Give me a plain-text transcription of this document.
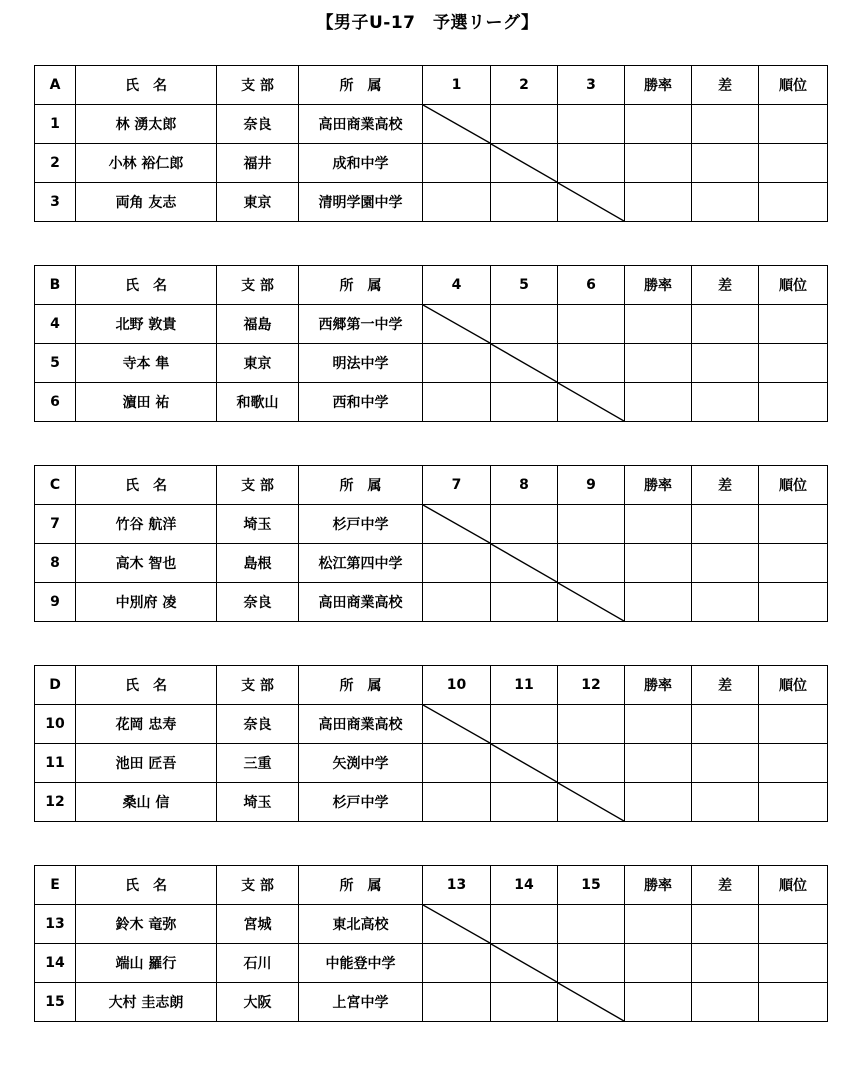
【男子U-17　予選リーグ】
A	氏　名	支 部	所　属	1	2	3	勝率	差	順位
1	林 湧太郎	奈良	高田商業高校	

2	小林 裕仁郎	福井	成和中学		

3	両角 友志	東京	清明学園中学			

B	氏　名	支 部	所　属	4	5	6	勝率	差	順位
4	北野 敦貴	福島	西郷第一中学	

5	寺本 隼	東京	明法中学		

6	濵田 祐	和歌山	西和中学			

C	氏　名	支 部	所　属	7	8	9	勝率	差	順位
7	竹谷 航洋	埼玉	杉戸中学	

8	高木 智也	島根	松江第四中学		

9	中別府 凌	奈良	高田商業高校			

D	氏　名	支 部	所　属	10	11	12	勝率	差	順位
10	花岡 忠寿	奈良	高田商業高校	

11	池田 匠吾	三重	矢渕中学		

12	桑山 信	埼玉	杉戸中学			

E	氏　名	支 部	所　属	13	14	15	勝率	差	順位
13	鈴木 竜弥	宮城	東北高校	

14	端山 羅行	石川	中能登中学		

15	大村 圭志朗	大阪	上宮中学			
